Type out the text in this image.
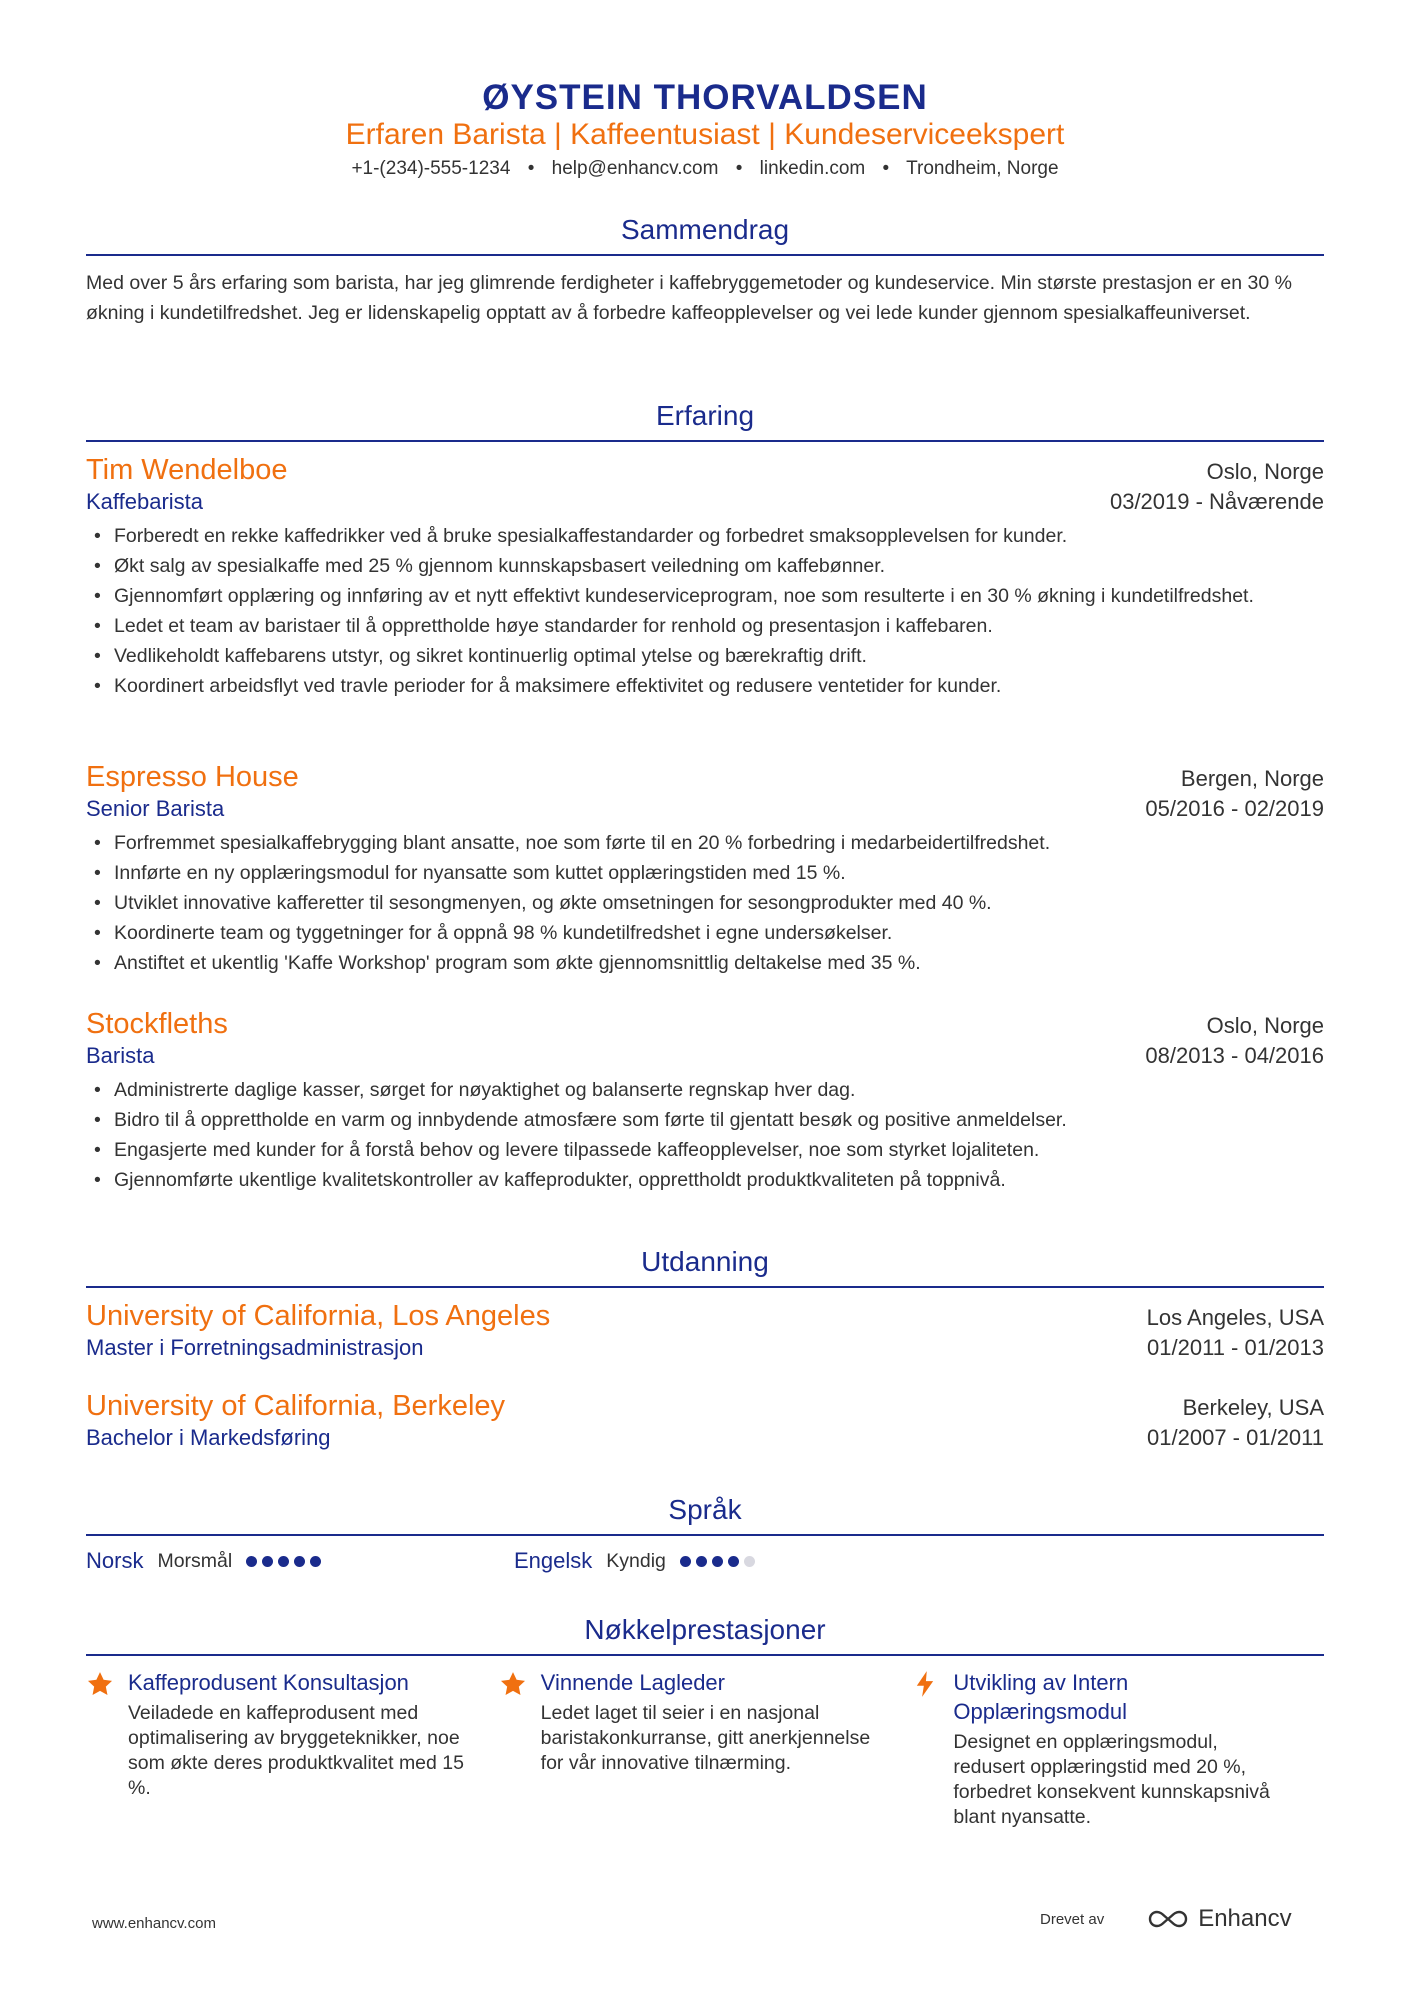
ØYSTEIN THORVALDSEN
Erfaren Barista | Kaffeentusiast | Kundeserviceekspert
+1-(234)-555-1234 • help@enhancv.com • linkedin.com • Trondheim, Norge
Sammendrag
Med over 5 års erfaring som barista, har jeg glimrende ferdigheter i kaffebryggemetoder og kundeservice. Min største prestasjon er en 30 % økning i kundetilfredshet. Jeg er lidenskapelig opptatt av å forbedre kaffeopplevelser og vei lede kunder gjennom spesialkaffeuniverset.
Erfaring
Tim Wendelboe	Oslo, Norge
Kaffebarista	03/2019 - Nåværende
• Forberedt en rekke kaffedrikker ved å bruke spesialkaffestandarder og forbedret smaksopplevelsen for kunder.
• Økt salg av spesialkaffe med 25 % gjennom kunnskapsbasert veiledning om kaffebønner.
• Gjennomført opplæring og innføring av et nytt effektivt kundeserviceprogram, noe som resulterte i en 30 % økning i kundetilfredshet.
• Ledet et team av baristaer til å opprettholde høye standarder for renhold og presentasjon i kaffebaren.
• Vedlikeholdt kaffebarens utstyr, og sikret kontinuerlig optimal ytelse og bærekraftig drift.
• Koordinert arbeidsflyt ved travle perioder for å maksimere effektivitet og redusere ventetider for kunder.
Espresso House	Bergen, Norge
Senior Barista	05/2016 - 02/2019
• Forfremmet spesialkaffebrygging blant ansatte, noe som førte til en 20 % forbedring i medarbeidertilfredshet.
• Innførte en ny opplæringsmodul for nyansatte som kuttet opplæringstiden med 15 %.
• Utviklet innovative kafferetter til sesongmenyen, og økte omsetningen for sesongprodukter med 40 %.
• Koordinerte team og tyggetninger for å oppnå 98 % kundetilfredshet i egne undersøkelser.
• Anstiftet et ukentlig 'Kaffe Workshop' program som økte gjennomsnittlig deltakelse med 35 %.
Stockfleths	Oslo, Norge
Barista	08/2013 - 04/2016
• Administrerte daglige kasser, sørget for nøyaktighet og balanserte regnskap hver dag.
• Bidro til å opprettholde en varm og innbydende atmosfære som førte til gjentatt besøk og positive anmeldelser.
• Engasjerte med kunder for å forstå behov og levere tilpassede kaffeopplevelser, noe som styrket lojaliteten.
• Gjennomførte ukentlige kvalitetskontroller av kaffeprodukter, opprettholdt produktkvaliteten på toppnivå.
Utdanning
University of California, Los Angeles	Los Angeles, USA
Master i Forretningsadministrasjon	01/2011 - 01/2013
University of California, Berkeley	Berkeley, USA
Bachelor i Markedsføring	01/2007 - 01/2011
Språk
Norsk Morsmål	Engelsk Kyndig
Nøkkelprestasjoner
Kaffeprodusent Konsultasjon
Veiladede en kaffeprodusent med optimalisering av bryggeteknikker, noe som økte deres produktkvalitet med 15 %.
Vinnende Lagleder
Ledet laget til seier i en nasjonal baristakonkurranse, gitt anerkjennelse for vår innovative tilnærming.
Utvikling av Intern Opplæringsmodul
Designet en opplæringsmodul, redusert opplæringstid med 20 %, forbedret konsekvent kunnskapsnivå blant nyansatte.
www.enhancv.com	Drevet av	Enhancv
